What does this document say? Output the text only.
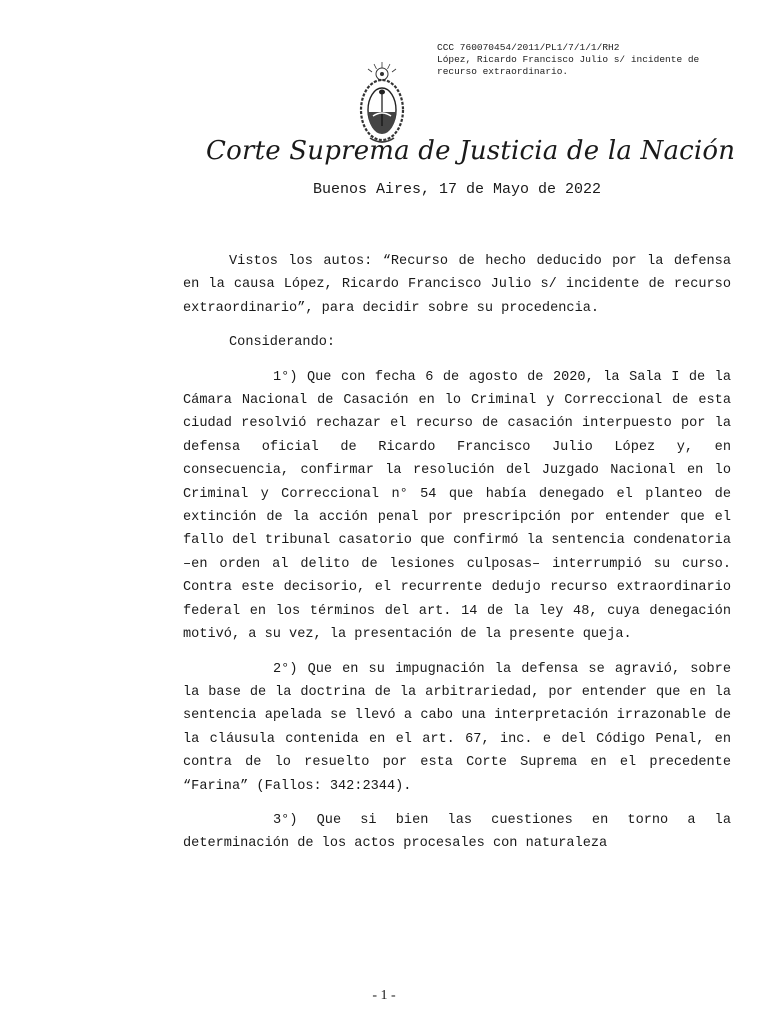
CCC 760070454/2011/PL1/7/1/1/RH2
López, Ricardo Francisco Julio s/ incidente de
recurso extraordinario.
Corte Suprema de Justicia de la Nación
Buenos Aires, 17 de Mayo de 2022

Vistos los autos: “Recurso de hecho deducido por la defensa en la causa López, Ricardo Francisco Julio s/ incidente de recurso extraordinario”, para decidir sobre su procedencia.

Considerando:

1°) Que con fecha 6 de agosto de 2020, la Sala I de la Cámara Nacional de Casación en lo Criminal y Correccional de esta ciudad resolvió rechazar el recurso de casación interpuesto por la defensa oficial de Ricardo Francisco Julio López y, en consecuencia, confirmar la resolución del Juzgado Nacional en lo Criminal y Correccional n° 54 que había denegado el planteo de extinción de la acción penal por prescripción por entender que el fallo del tribunal casatorio que confirmó la sentencia condenatoria –en orden al delito de lesiones culposas– interrumpió su curso. Contra este decisorio, el recurrente dedujo recurso extraordinario federal en los términos del art. 14 de la ley 48, cuya denegación motivó, a su vez, la presentación de la presente queja.

2°) Que en su impugnación la defensa se agravió, sobre la base de la doctrina de la arbitrariedad, por entender que en la sentencia apelada se llevó a cabo una interpretación irrazonable de la cláusula contenida en el art. 67, inc. e del Código Penal, en contra de lo resuelto por esta Corte Suprema en el precedente “Farina” (Fallos: 342:2344).

3°) Que si bien las cuestiones en torno a la determinación de los actos procesales con naturaleza

- 1 -
